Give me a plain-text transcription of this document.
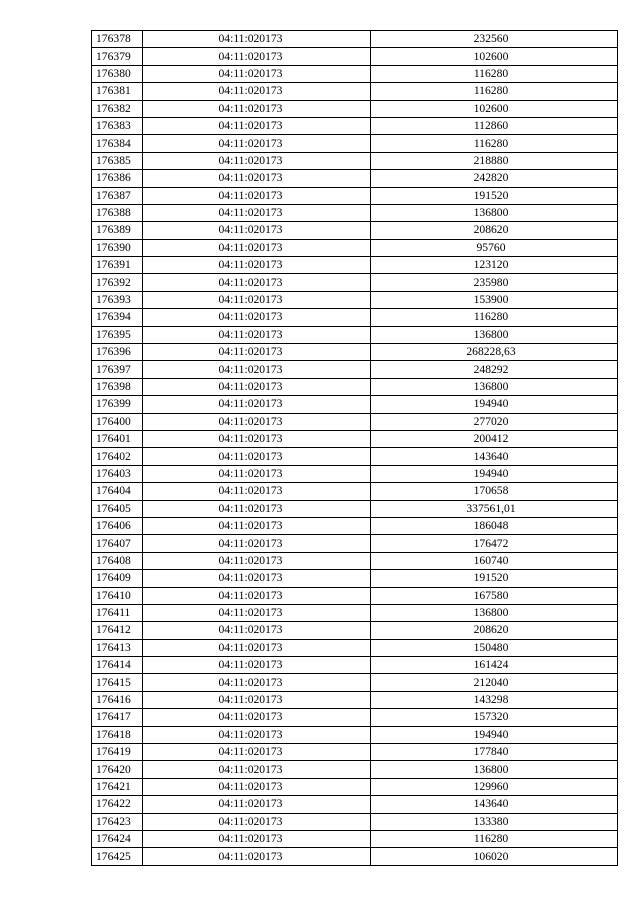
176378	04:11:020173	232560
176379	04:11:020173	102600
176380	04:11:020173	116280
176381	04:11:020173	116280
176382	04:11:020173	102600
176383	04:11:020173	112860
176384	04:11:020173	116280
176385	04:11:020173	218880
176386	04:11:020173	242820
176387	04:11:020173	191520
176388	04:11:020173	136800
176389	04:11:020173	208620
176390	04:11:020173	95760
176391	04:11:020173	123120
176392	04:11:020173	235980
176393	04:11:020173	153900
176394	04:11:020173	116280
176395	04:11:020173	136800
176396	04:11:020173	268228,63
176397	04:11:020173	248292
176398	04:11:020173	136800
176399	04:11:020173	194940
176400	04:11:020173	277020
176401	04:11:020173	200412
176402	04:11:020173	143640
176403	04:11:020173	194940
176404	04:11:020173	170658
176405	04:11:020173	337561,01
176406	04:11:020173	186048
176407	04:11:020173	176472
176408	04:11:020173	160740
176409	04:11:020173	191520
176410	04:11:020173	167580
176411	04:11:020173	136800
176412	04:11:020173	208620
176413	04:11:020173	150480
176414	04:11:020173	161424
176415	04:11:020173	212040
176416	04:11:020173	143298
176417	04:11:020173	157320
176418	04:11:020173	194940
176419	04:11:020173	177840
176420	04:11:020173	136800
176421	04:11:020173	129960
176422	04:11:020173	143640
176423	04:11:020173	133380
176424	04:11:020173	116280
176425	04:11:020173	106020
